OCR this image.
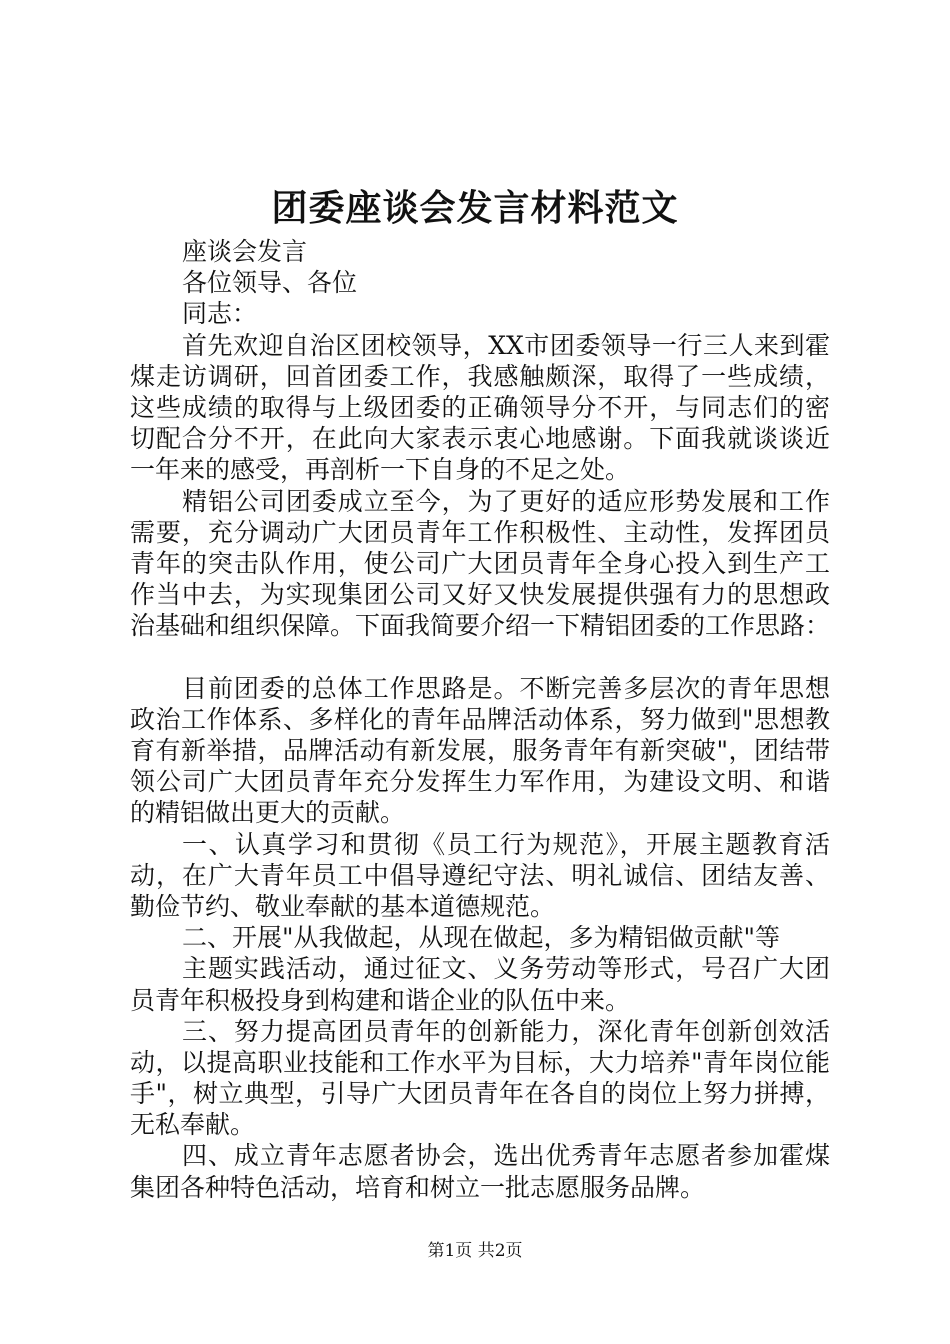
团委座谈会发言材料范文
座谈会发言
各位领导、各位
同志：
首先欢迎自治区团校领导，XX市团委领导一行三人来到霍
煤走访调研，回首团委工作，我感触颇深，取得了一些成绩，
这些成绩的取得与上级团委的正确领导分不开，与同志们的密
切配合分不开，在此向大家表示衷心地感谢。下面我就谈谈近
一年来的感受，再剖析一下自身的不足之处。
精铝公司团委成立至今，为了更好的适应形势发展和工作
需要，充分调动广大团员青年工作积极性、主动性，发挥团员
青年的突击队作用，使公司广大团员青年全身心投入到生产工
作当中去，为实现集团公司又好又快发展提供强有力的思想政
治基础和组织保障。下面我简要介绍一下精铝团委的工作思路：
目前团委的总体工作思路是。不断完善多层次的青年思想
政治工作体系、多样化的青年品牌活动体系，努力做到"思想教
育有新举措，品牌活动有新发展，服务青年有新突破"，团结带
领公司广大团员青年充分发挥生力军作用，为建设文明、和谐
的精铝做出更大的贡献。
一、认真学习和贯彻《员工行为规范》，开展主题教育活
动，在广大青年员工中倡导遵纪守法、明礼诚信、团结友善、
勤俭节约、敬业奉献的基本道德规范。
二、开展"从我做起，从现在做起，多为精铝做贡献"等
主题实践活动，通过征文、义务劳动等形式，号召广大团
员青年积极投身到构建和谐企业的队伍中来。
三、努力提高团员青年的创新能力，深化青年创新创效活
动，以提高职业技能和工作水平为目标，大力培养"青年岗位能
手"，树立典型，引导广大团员青年在各自的岗位上努力拼搏，
无私奉献。
四、成立青年志愿者协会，选出优秀青年志愿者参加霍煤
集团各种特色活动，培育和树立一批志愿服务品牌。
第1页 共2页
